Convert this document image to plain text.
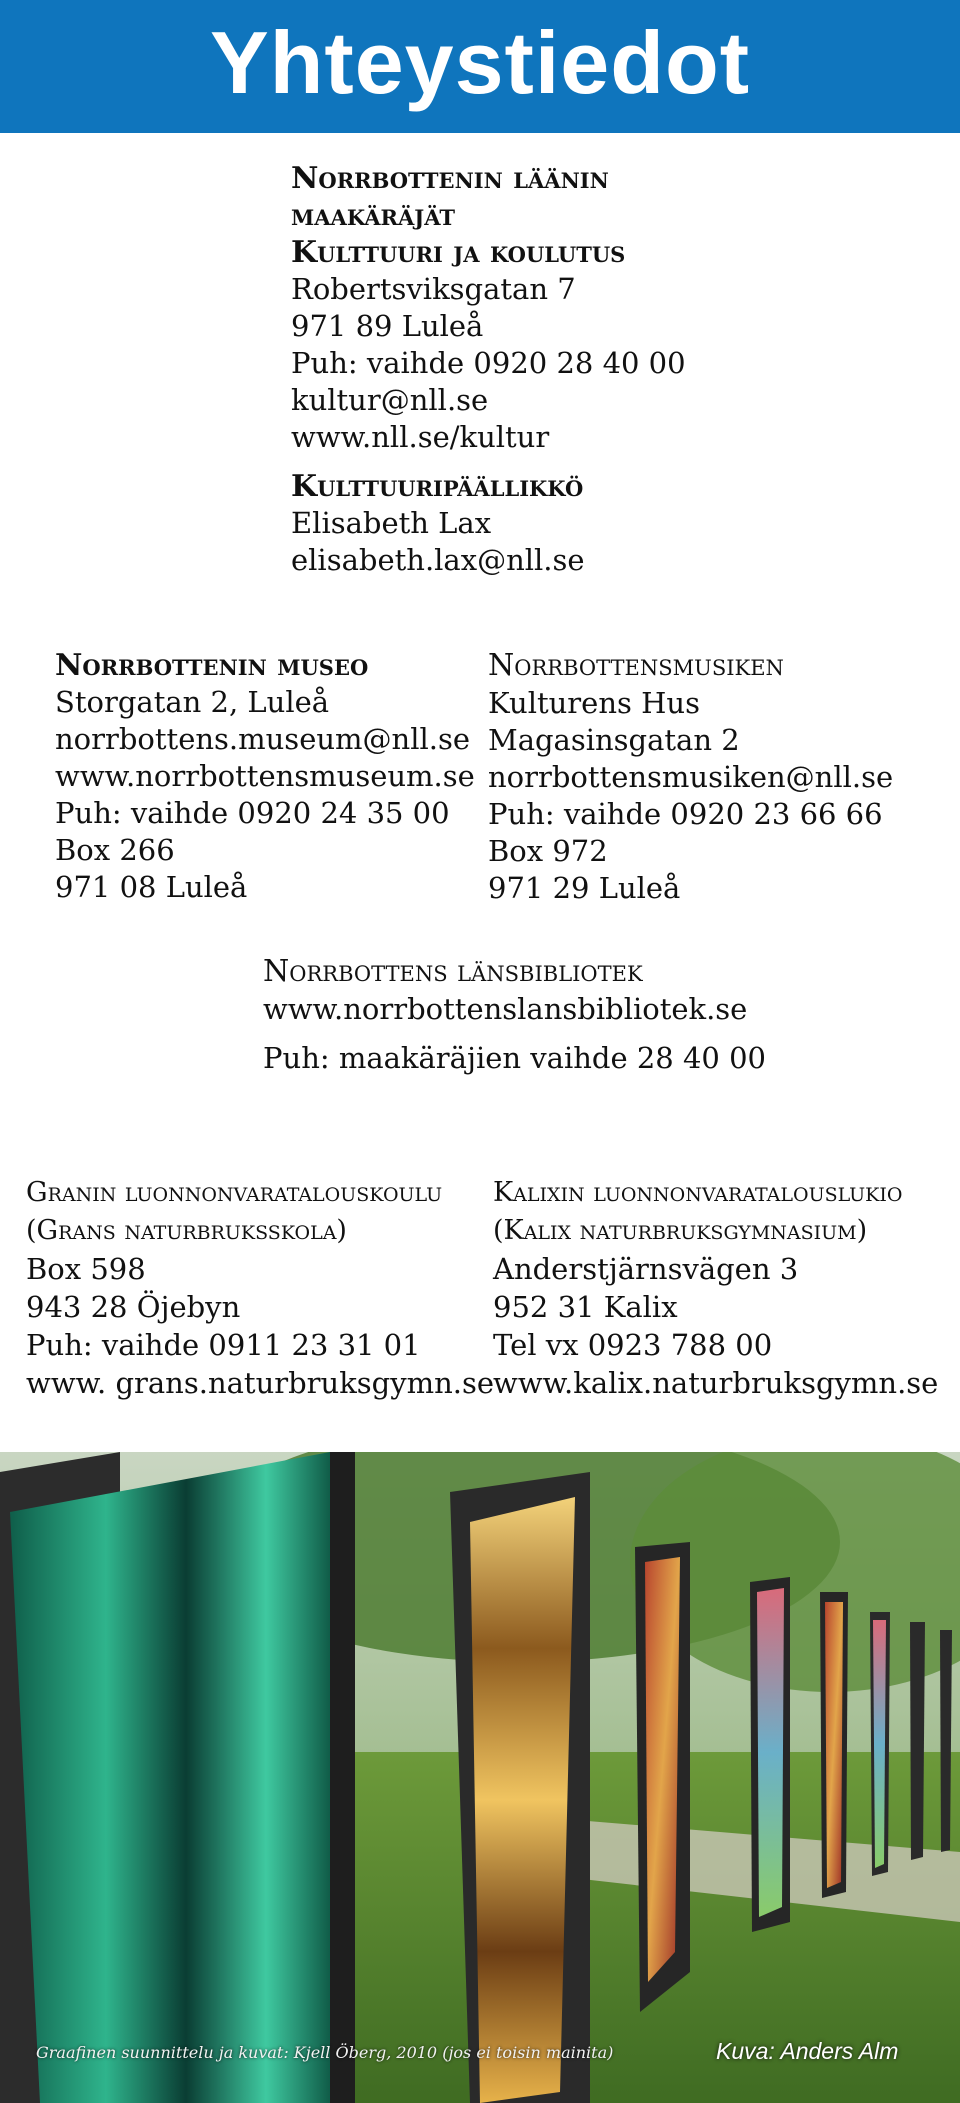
Yhteystiedot
Norrbottenin läänin
maakäräjät
Kulttuuri ja koulutus
Robertsviksgatan 7
971 89 Luleå
Puh: vaihde 0920 28 40 00
kultur@nll.se
www.nll.se/kultur
Kulttuuripäällikkö
Elisabeth Lax
elisabeth.lax@nll.se
Norrbottenin museo
Storgatan 2, Luleå
norrbottens.museum@nll.se
www.norrbottensmuseum.se
Puh: vaihde 0920 24 35 00
Box 266
971 08 Luleå
Norrbottensmusiken
Kulturens Hus
Magasinsgatan 2
norrbottensmusiken@nll.se
Puh: vaihde 0920 23 66 66
Box 972
971 29 Luleå
Norrbottens länsbibliotek
www.norrbottenslansbibliotek.se
Puh: maakäräjien vaihde 28 40 00
Granin luonnonvaratalouskoulu
(Grans naturbruksskola)
Box 598
943 28 Öjebyn
Puh: vaihde 0911 23 31 01
www. grans.naturbruksgymn.se
Kalixin luonnonvaratalouslukio
(Kalix naturbruksgymnasium)
Anderstjärnsvägen 3
952 31 Kalix
Tel vx 0923 788 00
www.kalix.naturbruksgymn.se
Graafinen suunnittelu ja kuvat: Kjell Öberg, 2010 (jos ei toisin mainita)	Kuva: Anders Alm
